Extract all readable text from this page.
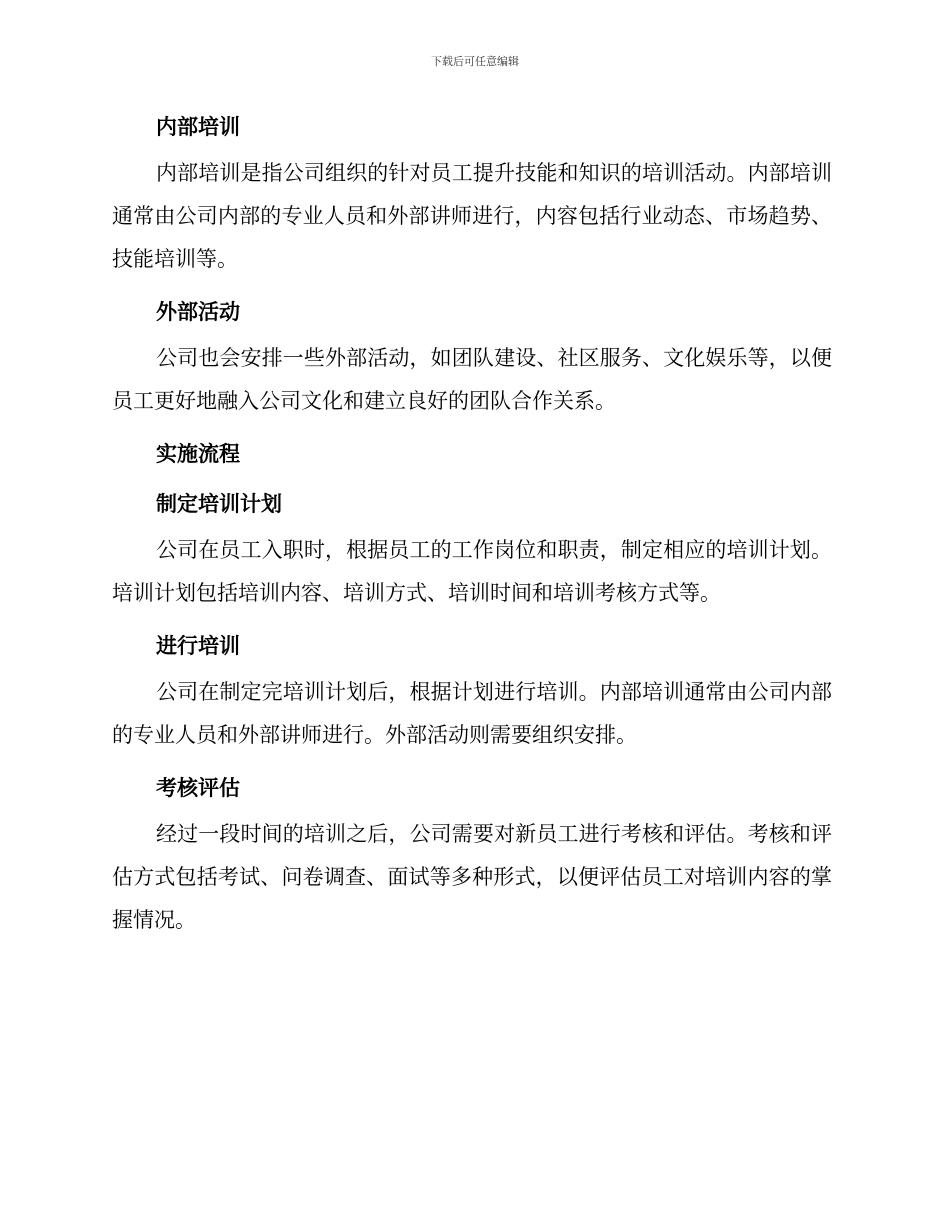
下载后可任意编辑
内部培训

内部培训是指公司组织的针对员工提升技能和知识的培训活动。内部培训通常由公司内部的专业人员和外部讲师进行，内容包括行业动态、市场趋势、技能培训等。

外部活动

公司也会安排一些外部活动，如团队建设、社区服务、文化娱乐等，以便员工更好地融入公司文化和建立良好的团队合作关系。

实施流程
制定培训计划

公司在员工入职时，根据员工的工作岗位和职责，制定相应的培训计划。培训计划包括培训内容、培训方式、培训时间和培训考核方式等。

进行培训

公司在制定完培训计划后，根据计划进行培训。内部培训通常由公司内部的专业人员和外部讲师进行。外部活动则需要组织安排。

考核评估

经过一段时间的培训之后，公司需要对新员工进行考核和评估。考核和评估方式包括考试、问卷调查、面试等多种形式，以便评估员工对培训内容的掌握情况。
